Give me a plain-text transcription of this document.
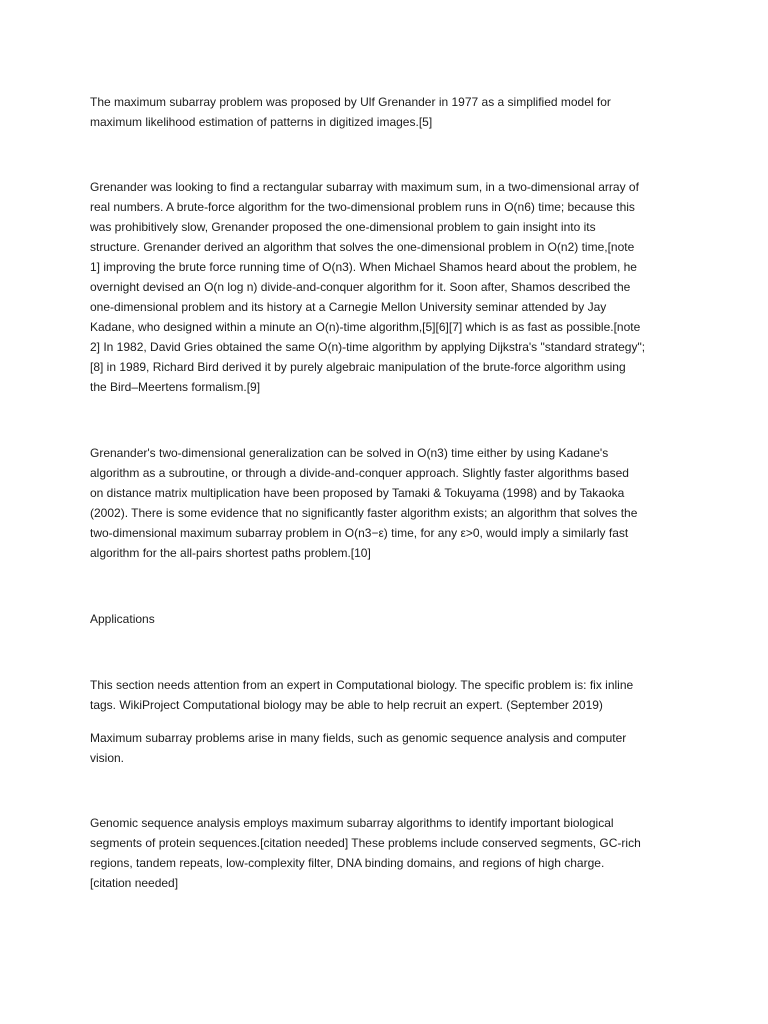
The maximum subarray problem was proposed by Ulf Grenander in 1977 as a simplified model for
maximum likelihood estimation of patterns in digitized images.[5]
Grenander was looking to find a rectangular subarray with maximum sum, in a two-dimensional array of
real numbers. A brute-force algorithm for the two-dimensional problem runs in O(n6) time; because this
was prohibitively slow, Grenander proposed the one-dimensional problem to gain insight into its
structure. Grenander derived an algorithm that solves the one-dimensional problem in O(n2) time,[note
1] improving the brute force running time of O(n3). When Michael Shamos heard about the problem, he
overnight devised an O(n log n) divide-and-conquer algorithm for it. Soon after, Shamos described the
one-dimensional problem and its history at a Carnegie Mellon University seminar attended by Jay
Kadane, who designed within a minute an O(n)-time algorithm,[5][6][7] which is as fast as possible.[note
2] In 1982, David Gries obtained the same O(n)-time algorithm by applying Dijkstra's "standard strategy";
[8] in 1989, Richard Bird derived it by purely algebraic manipulation of the brute-force algorithm using
the Bird–Meertens formalism.[9]
Grenander's two-dimensional generalization can be solved in O(n3) time either by using Kadane's
algorithm as a subroutine, or through a divide-and-conquer approach. Slightly faster algorithms based
on distance matrix multiplication have been proposed by Tamaki & Tokuyama (1998) and by Takaoka
(2002). There is some evidence that no significantly faster algorithm exists; an algorithm that solves the
two-dimensional maximum subarray problem in O(n3−ε) time, for any ε>0, would imply a similarly fast
algorithm for the all-pairs shortest paths problem.[10]
Applications
This section needs attention from an expert in Computational biology. The specific problem is: fix inline
tags. WikiProject Computational biology may be able to help recruit an expert. (September 2019)
Maximum subarray problems arise in many fields, such as genomic sequence analysis and computer
vision.
Genomic sequence analysis employs maximum subarray algorithms to identify important biological
segments of protein sequences.[citation needed] These problems include conserved segments, GC-rich
regions, tandem repeats, low-complexity filter, DNA binding domains, and regions of high charge.
[citation needed]
